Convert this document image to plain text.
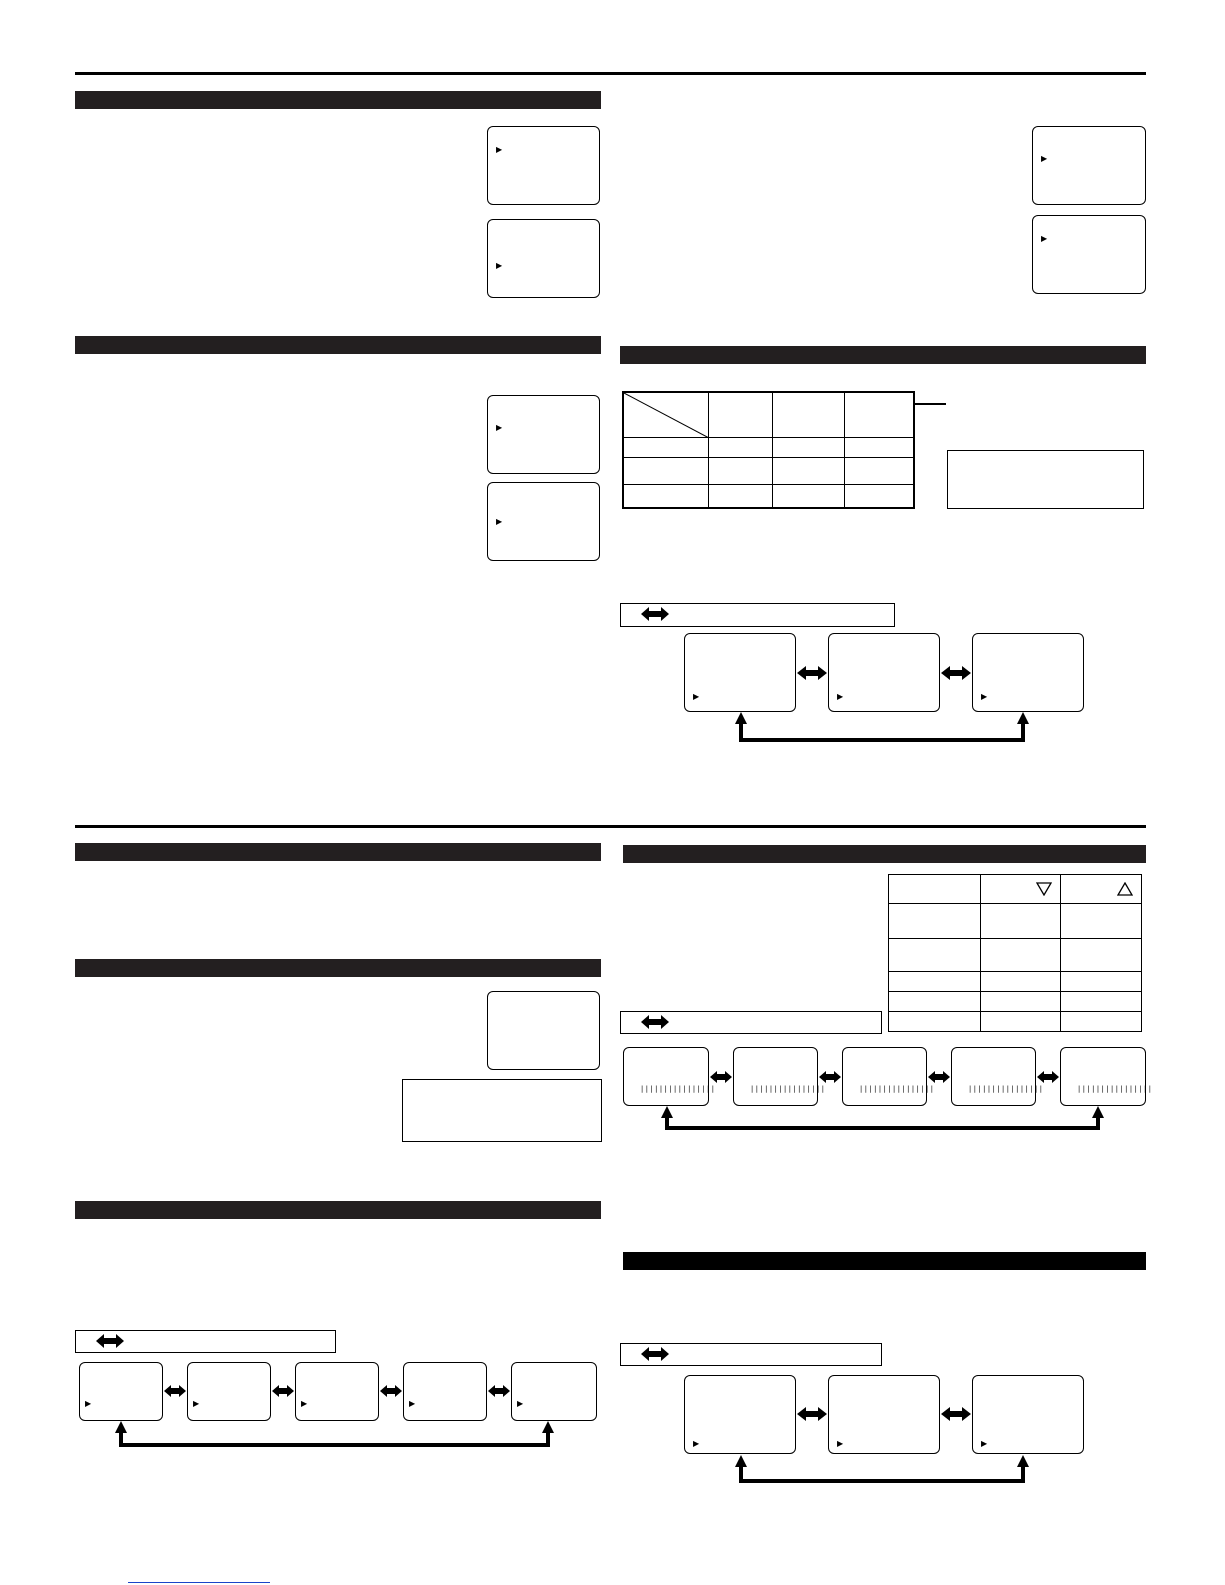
▶
▶
▶
▶
▶
▶

▶	▶	▶
▶	▶	▶	▶	▶

||||||||||||||||	||||||||||||||||	||||||||||||||||	||||||||||||||||	||||||||||||||||
▶	▶	▶
